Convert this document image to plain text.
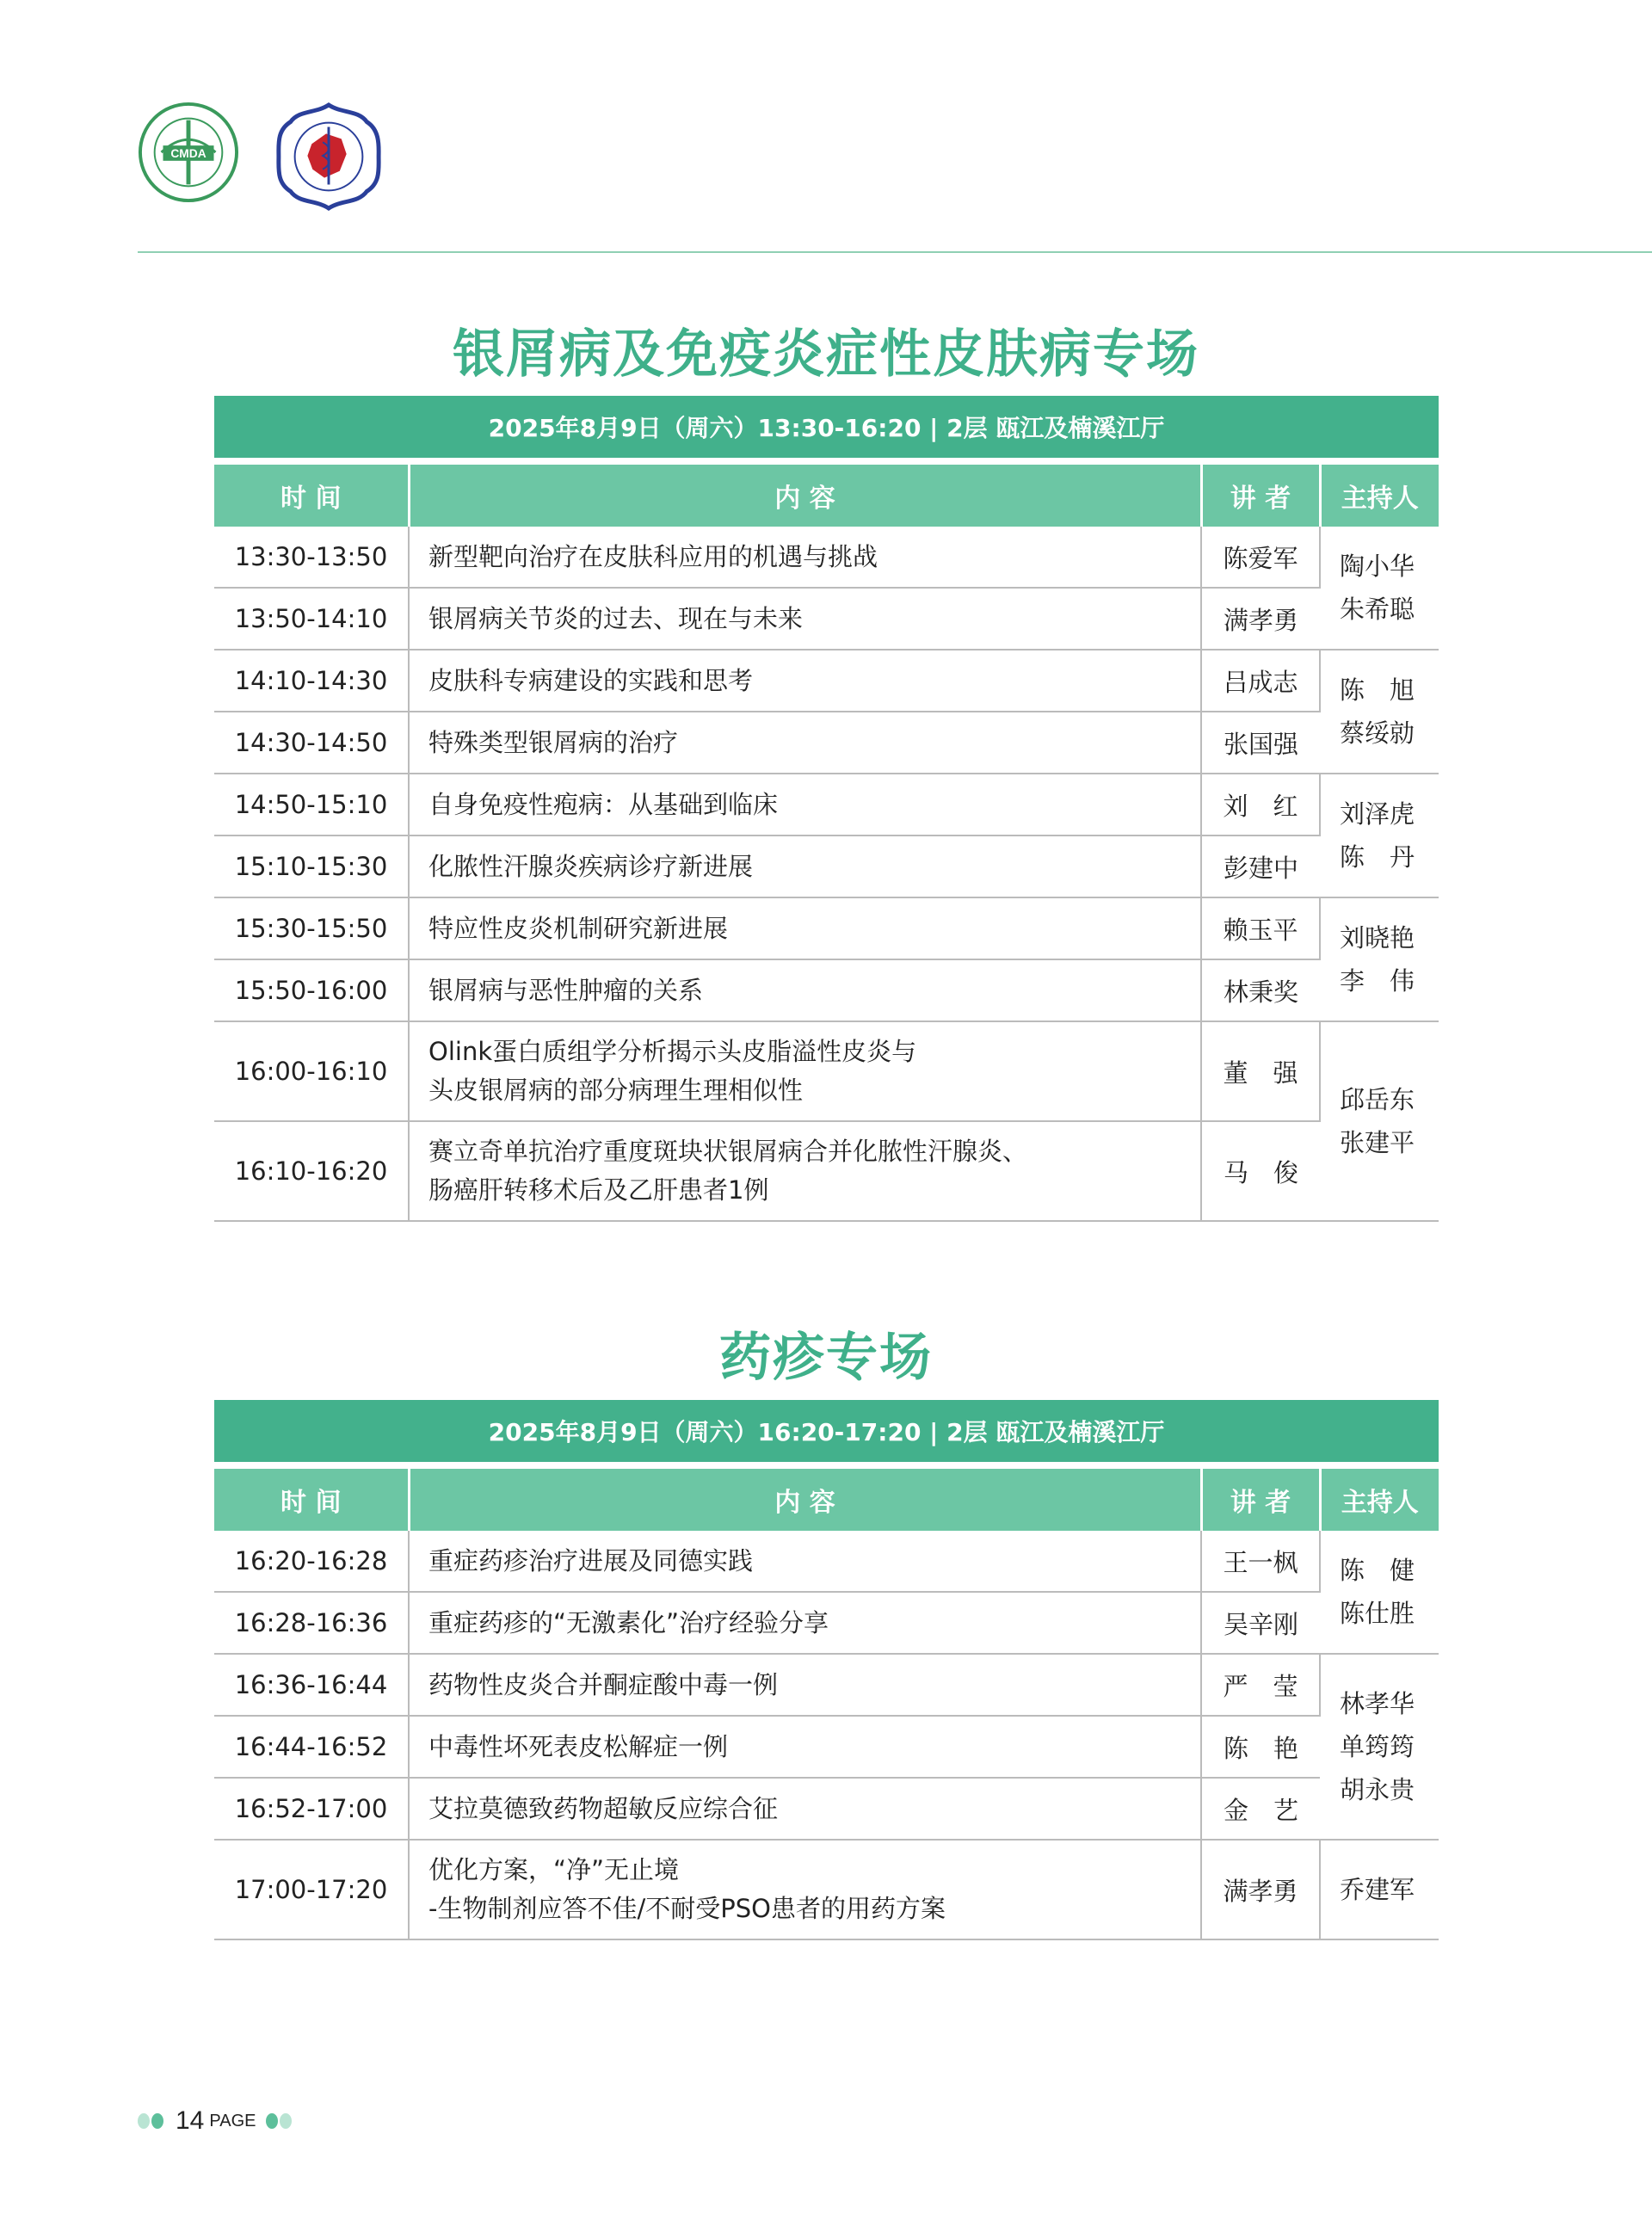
CMDA
银屑病及免疫炎症性皮肤病专场
2025年8月9日（周六）13:30-16:20 | 2层 瓯江及楠溪江厅			
时 间	内 容	讲 者	主持人
13:30-13:50	新型靶向治疗在皮肤科应用的机遇与挑战	陈爱军	陶小华
朱希聪

13:50-14:10	银屑病关节炎的过去、现在与未来	满孝勇	
14:10-14:30	皮肤科专病建设的实践和思考	吕成志	陈　旭
蔡绥勍

14:30-14:50	特殊类型银屑病的治疗	张国强	
14:50-15:10	自身免疫性疱病：从基础到临床	刘　红	刘泽虎
陈　丹

15:10-15:30	化脓性汗腺炎疾病诊疗新进展	彭建中	
15:30-15:50	特应性皮炎机制研究新进展	赖玉平	刘晓艳
李　伟

15:50-16:00	银屑病与恶性肿瘤的关系	林秉奖	
16:00-16:10	Olink蛋白质组学分析揭示头皮脂溢性皮炎与
头皮银屑病的部分病理生理相似性	董　强	邱岳东
张建平

16:10-16:20	赛立奇单抗治疗重度斑块状银屑病合并化脓性汗腺炎、
肠癌肝转移术后及乙肝患者1例	马　俊	
药疹专场
2025年8月9日（周六）16:20-17:20 | 2层 瓯江及楠溪江厅			
时 间	内 容	讲 者	主持人
16:20-16:28	重症药疹治疗进展及同德实践	王一枫	陈　健
陈仕胜

16:28-16:36	重症药疹的“无激素化”治疗经验分享	吴辛刚	
16:36-16:44	药物性皮炎合并酮症酸中毒一例	严　莹	林孝华
单筠筠
胡永贵

16:44-16:52	中毒性坏死表皮松解症一例	陈　艳	
16:52-17:00	艾拉莫德致药物超敏反应综合征	金　艺	
17:00-17:20	优化方案，“净”无止境
-生物制剂应答不佳/不耐受PSO患者的用药方案	满孝勇	乔建军
14 PAGE
